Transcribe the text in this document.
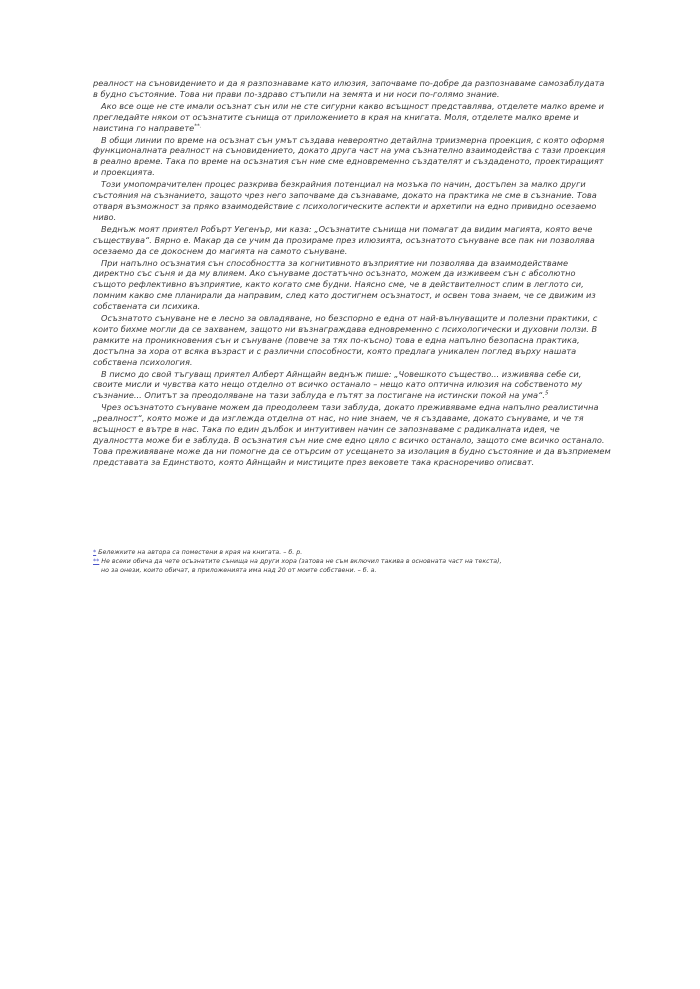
реалност на съновидението и да я разпознаваме като илюзия, започваме по-добре да разпознаваме самозаблудата в будно състояние. Това ни прави по-здраво стъпили на земята и ни носи по-голямо знание.

Ако все още не сте имали осъзнат сън или не сте сигурни какво всъщност представлява, отделете малко време и прегледайте някои от осъзнатите сънища от приложението в края на книгата. Моля, отделете малко време и наистина го направете**.

В общи линии по време на осъзнат сън умът създава невероятно детайлна триизмерна проекция, с която оформя функционалната реалност на съновидението, докато друга част на ума съзнателно взаимодейства с тази проекция в реално време. Така по време на осъзнатия сън ние сме едновременно създателят и създаденото, проектиращият и проекцията.

Този умопомрачителен процес разкрива безкрайния потенциал на мозъка по начин, достъпен за малко други състояния на съзнанието, защото чрез него започваме да съзнаваме, докато на практика не сме в съзнание. Това отваря възможност за пряко взаимодействие с психологическите аспекти и архетипи на едно привидно осезаемо ниво.

Веднъж моят приятел Робърт Уегенър, ми каза: „Осъзнатите сънища ни помагат да видим магията, която вече съществува“. Вярно е. Макар да се учим да прозираме през илюзията, осъзнатото сънуване все пак ни позволява осезаемо да се докоснем до магията на самото сънуване.

При напълно осъзнатия сън способността за когнитивното възприятие ни позволява да взаимодействаме директно със съня и да му влияем. Ако сънуваме достатъчно осъзнато, можем да изживеем сън с абсолютно същото рефлективно възприятие, както когато сме будни. Наясно сме, че в действителност спим в леглото си, помним какво сме планирали да направим, след като достигнем осъзнатост, и освен това знаем, че се движим из собствената си психика.

Осъзнатото сънуване не е лесно за овладяване, но безспорно е една от най-вълнуващите и полезни практики, с които бихме могли да се захванем, защото ни възнаграждава едновременно с психологически и духовни ползи. В рамките на проникновения сън и сънуване (повече за тях по-късно) това е една напълно безопасна практика, достъпна за хора от всяка възраст и с различни способности, която предлага уникален поглед върху нашата собствена психология.

В писмо до свой тъгуващ приятел Алберт Айнщайн веднъж пише: „Човешкото същество... изживява себе си, своите мисли и чувства като нещо отделно от всичко останало – нещо като оптична илюзия на собственото му съзнание... Опитът за преодоляване на тази заблуда е пътят за постигане на истински покой на ума“.$^5$

Чрез осъзнатото сънуване можем да преодолеем тази заблуда, докато преживяваме една напълно реалистична „реалност“, която може и да изглежда отделна от нас, но ние знаем, че я създаваме, докато сънуваме, и че тя всъщност е вътре в нас. Така по един дълбок и интуитивен начин се запознаваме с радикалната идея, че дуалността може би е заблуда. В осъзнатия сън ние сме едно цяло с всичко останало, защото сме всичко останало. Това преживяване може да ни помогне да се отърсим от усещането за изолация в будно състояние и да възприемем представата за Единството, която Айнщайн и мистиците през вековете така красноречиво описват.

* Бележките на автора са поместени в края на книгата. – б. р.

** Не всеки обича да чете осъзнатите сънища на други хора (затова не съм включил такива в основната част на текста),

но за онези, които обичат, в приложенията има над 20 от моите собствени. – б. а.
